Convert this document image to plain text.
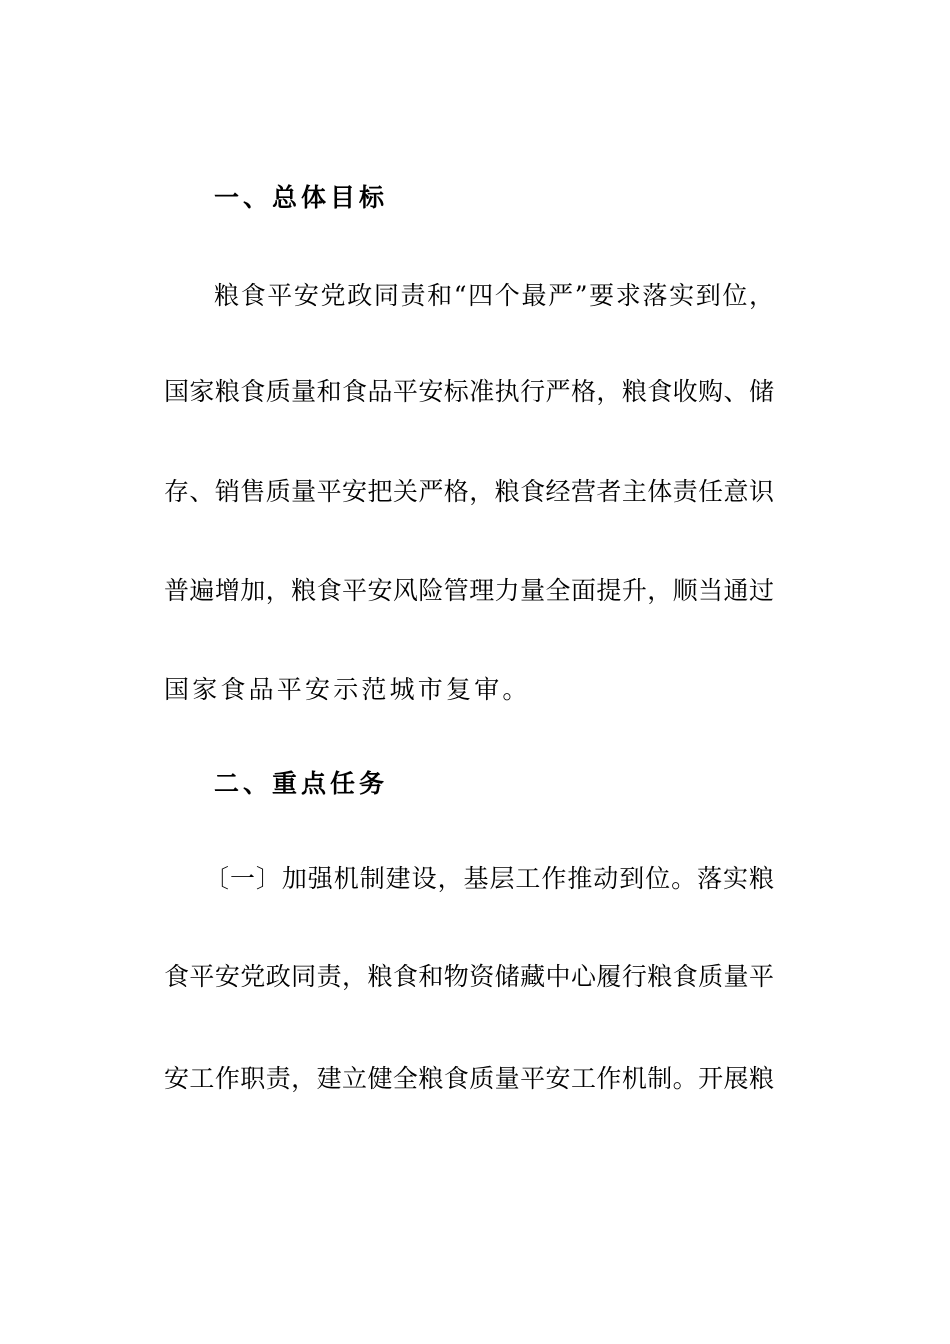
一、总体目标
粮食平安党政同责和“四个最严”要求落实到位，
国家粮食质量和食品平安标准执行严格，粮食收购、储
存、销售质量平安把关严格，粮食经营者主体责任意识
普遍增加，粮食平安风险管理力量全面提升，顺当通过
国家食品平安示范城市复审。
二、重点任务
〔一〕加强机制建设，基层工作推动到位。落实粮
食平安党政同责，粮食和物资储藏中心履行粮食质量平
安工作职责，建立健全粮食质量平安工作机制。开展粮
